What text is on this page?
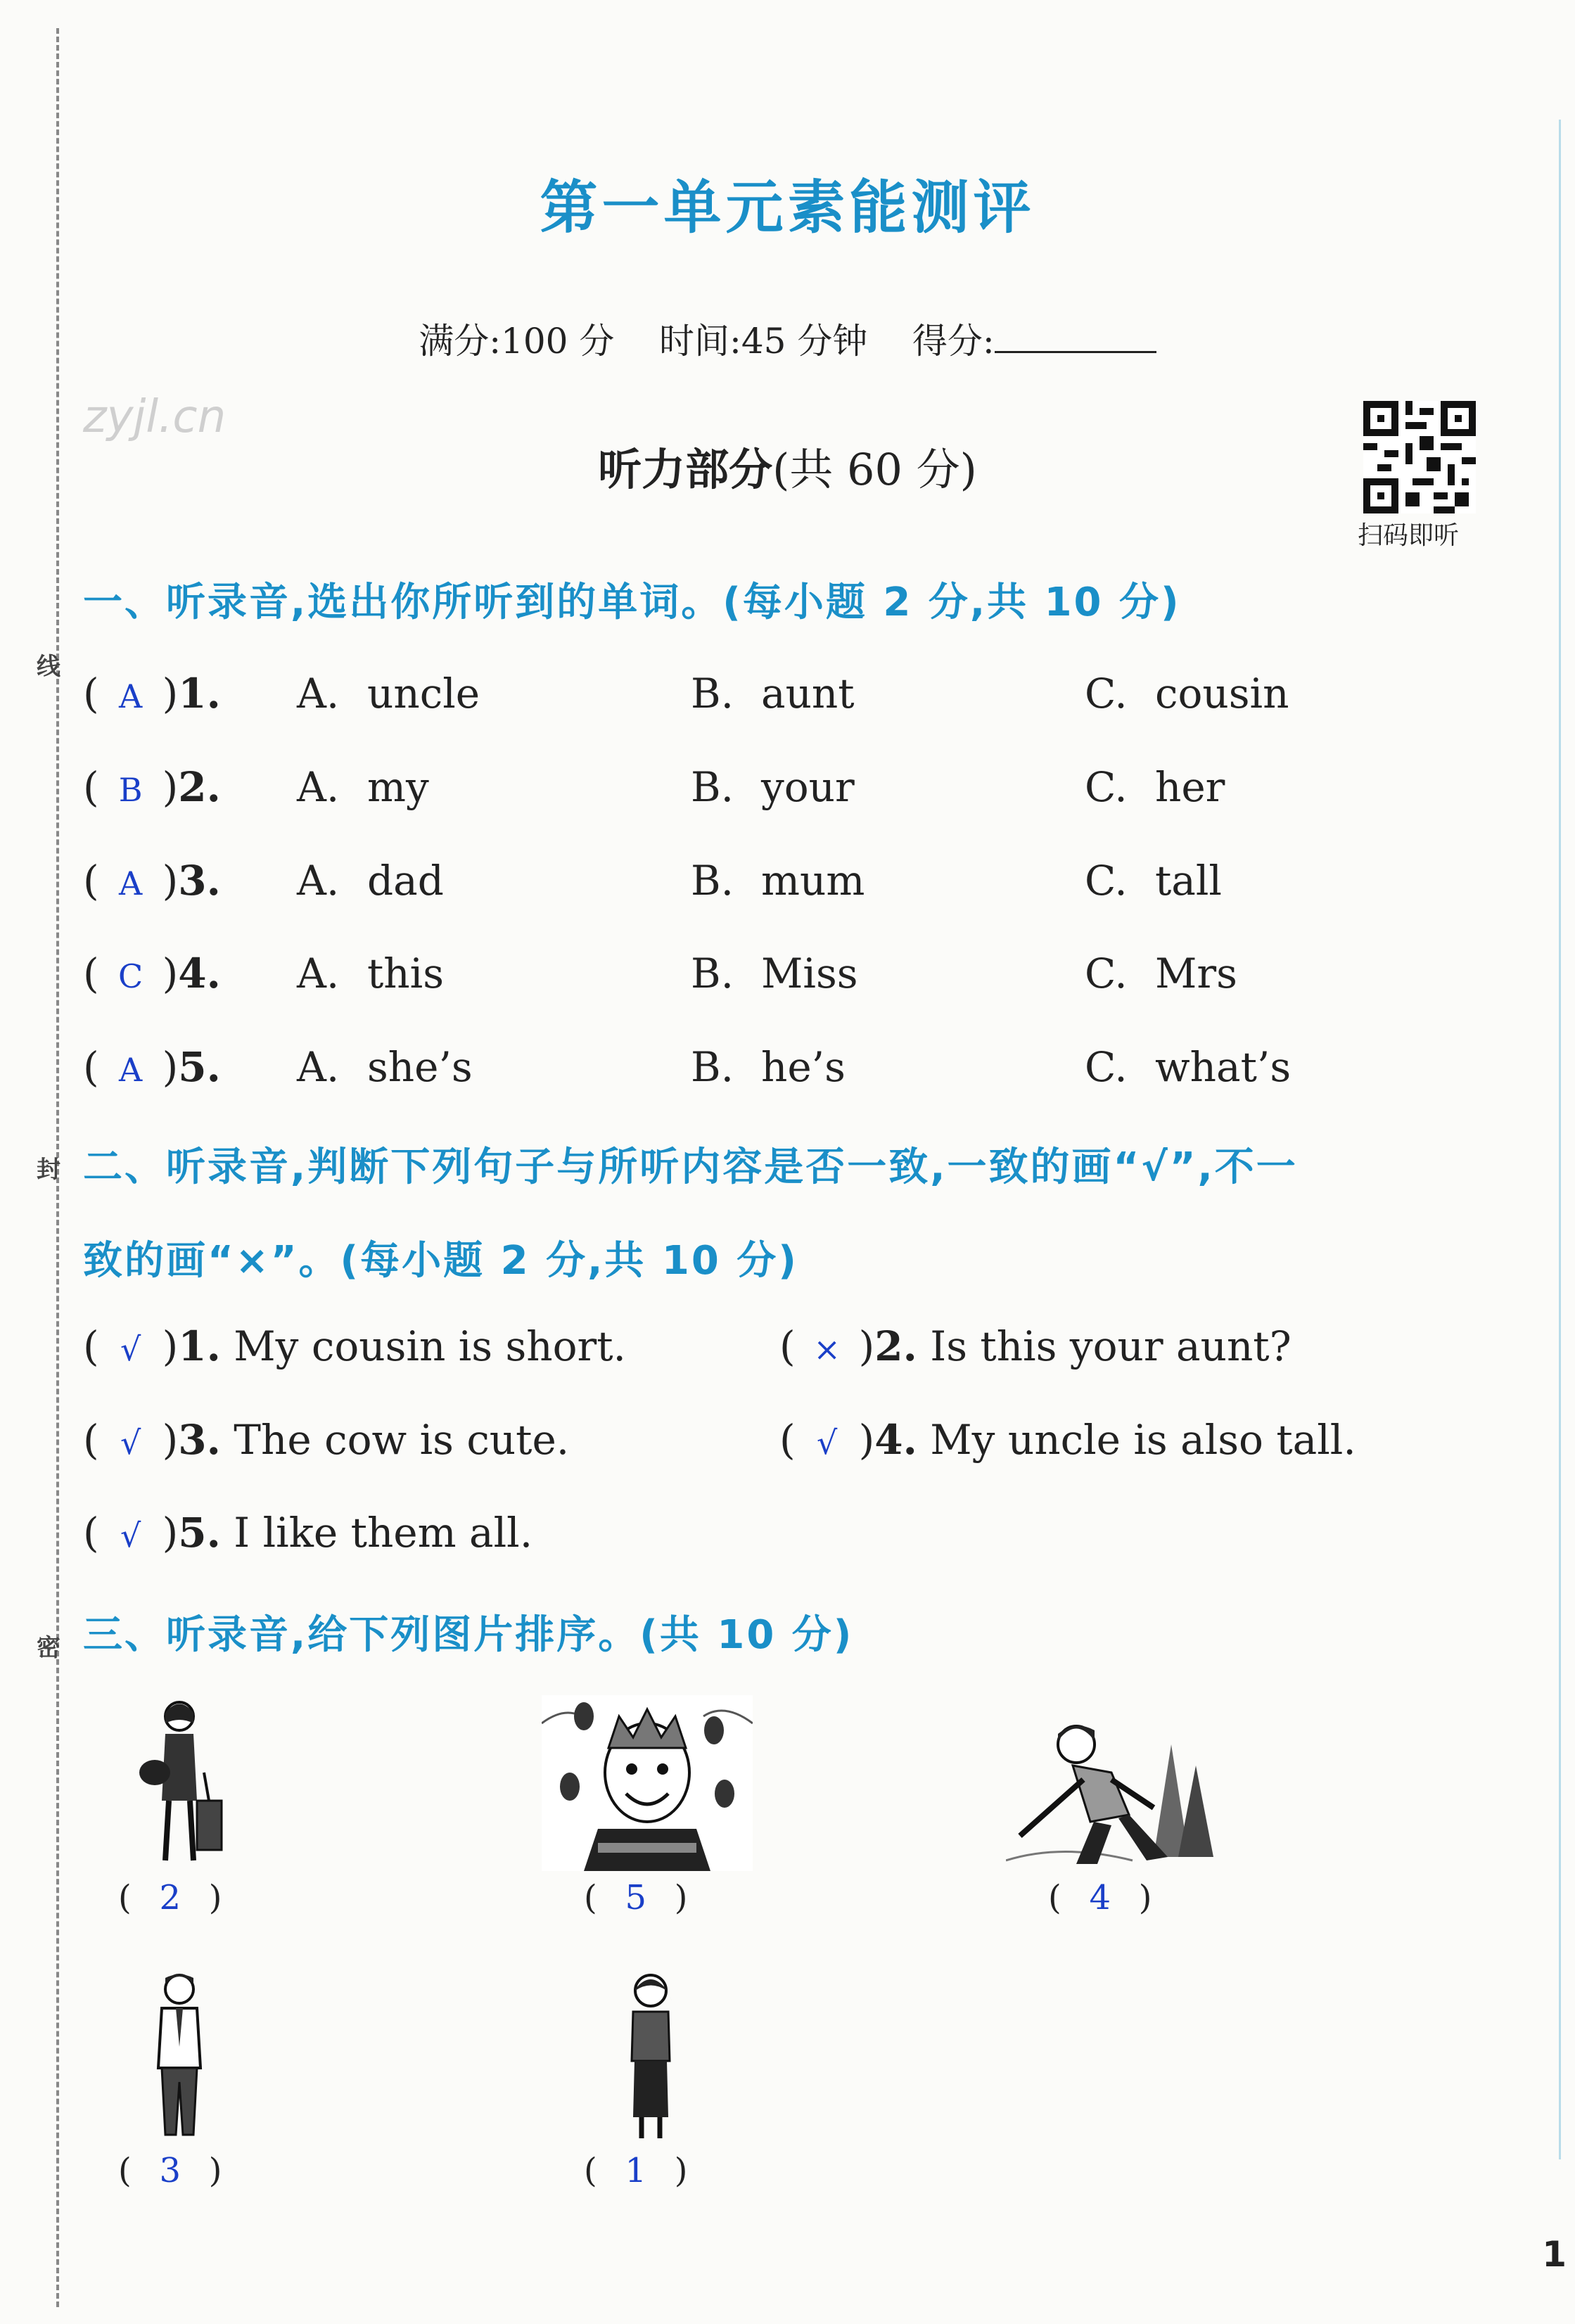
线
封
密
第一单元素能测评
满分:100 分 时间:45 分钟 得分:
zyjl.cn
听力部分(共 60 分)
扫码即听
一、听录音,选出你所听到的单词。(每小题 2 分,共 10 分)
( A )1. A. uncle	B. aunt	C. cousin
( B )2. A. my	B. your	C. her
( A )3. A. dad	B. mum	C. tall
( C )4. A. this	B. Miss	C. Mrs
( A )5. A. she’s	B. he’s	C. what’s
二、听录音,判断下列句子与所听内容是否一致,一致的画“√”,不一
致的画“×”。(每小题 2 分,共 10 分)
( √ )1. My cousin is short.	( × )2. Is this your aunt?
( √ )3. The cow is cute.	( √ )4. My uncle is also tall.
( √ )5. I like them all.
三、听录音,给下列图片排序。(共 10 分)
( 2 )	( 5 )	( 4 )
( 3 )	( 1 )
1
